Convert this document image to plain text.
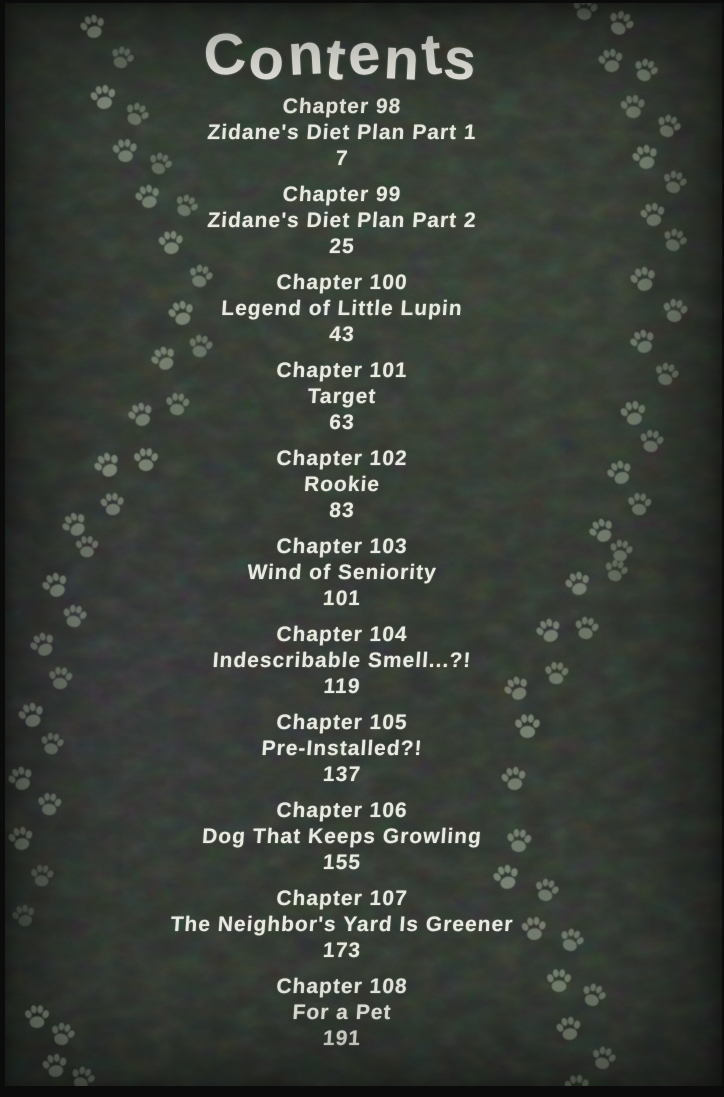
Contents
Chapter 98
Zidane's Diet Plan Part 1
7
Chapter 99
Zidane's Diet Plan Part 2
25
Chapter 100
Legend of Little Lupin
43
Chapter 101
Target
63
Chapter 102
Rookie
83
Chapter 103
Wind of Seniority
101
Chapter 104
Indescribable Smell...?!
119
Chapter 105
Pre-Installed?!
137
Chapter 106
Dog That Keeps Growling
155
Chapter 107
The Neighbor's Yard Is Greener
173
Chapter 108
For a Pet
191
